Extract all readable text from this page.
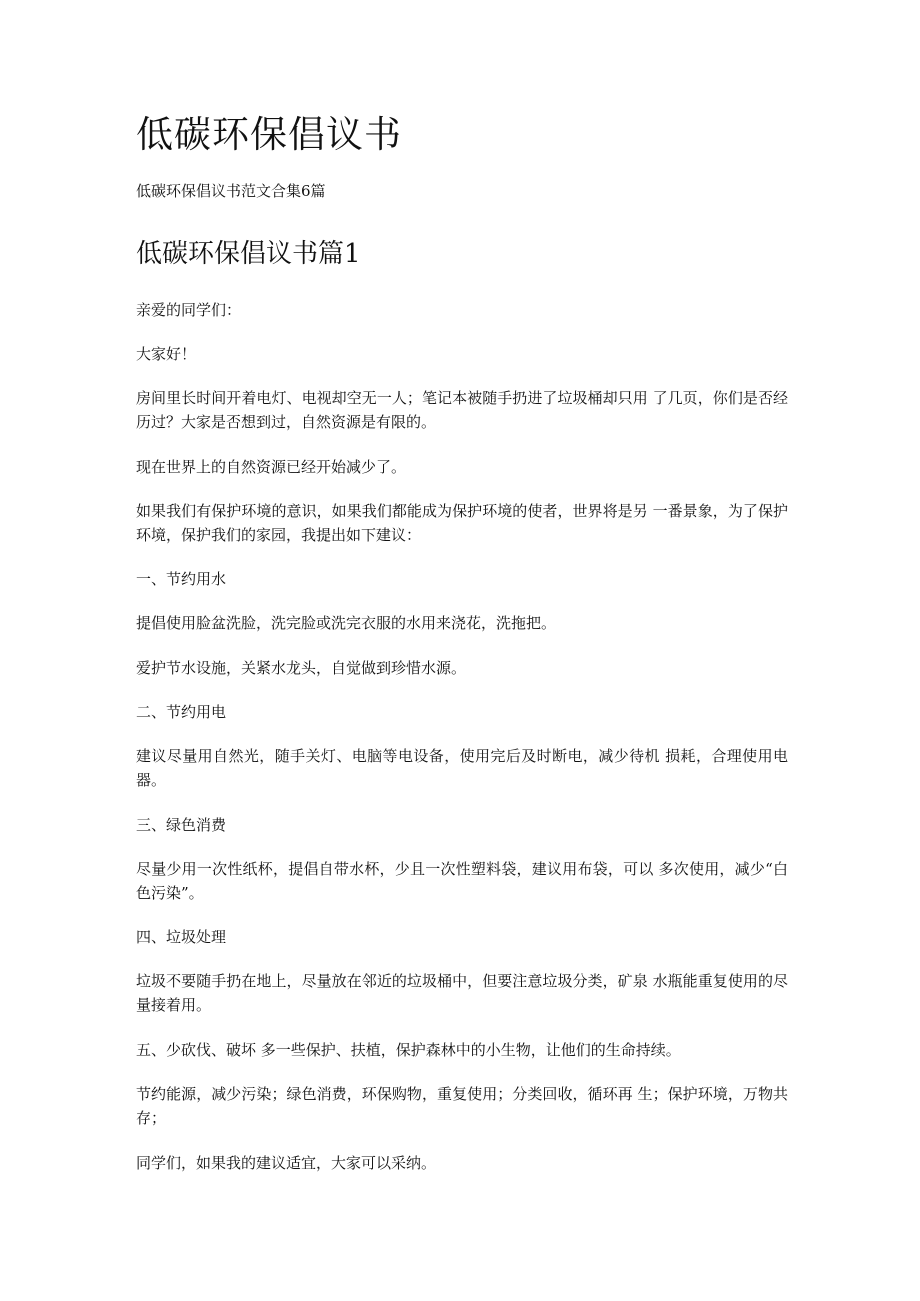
低碳环保倡议书

低碳环保倡议书范文合集6篇

低碳环保倡议书篇1

亲爱的同学们：

大家好！

房间里长时间开着电灯、电视却空无一人；笔记本被随手扔进了垃圾桶却只用 了几页，你们是否经历过？大家是否想到过，自然资源是有限的。

现在世界上的自然资源已经开始减少了。

如果我们有保护环境的意识，如果我们都能成为保护环境的使者，世界将是另 一番景象，为了保护环境，保护我们的家园，我提出如下建议：

一、节约用水

提倡使用脸盆洗脸，洗完脸或洗完衣服的水用来浇花，洗拖把。

爱护节水设施，关紧水龙头，自觉做到珍惜水源。

二、节约用电

建议尽量用自然光，随手关灯、电脑等电设备，使用完后及时断电，减少待机 损耗，合理使用电器。

三、绿色消费

尽量少用一次性纸杯，提倡自带水杯，少且一次性塑料袋，建议用布袋，可以 多次使用，减少“白色污染”。

四、垃圾处理

垃圾不要随手扔在地上，尽量放在邻近的垃圾桶中，但要注意垃圾分类，矿泉 水瓶能重复使用的尽量接着用。

五、少砍伐、破坏 多一些保护、扶植，保护森林中的小生物，让他们的生命持续。

节约能源，减少污染；绿色消费，环保购物，重复使用；分类回收，循环再 生；保护环境，万物共存；

同学们，如果我的建议适宜，大家可以采纳。
